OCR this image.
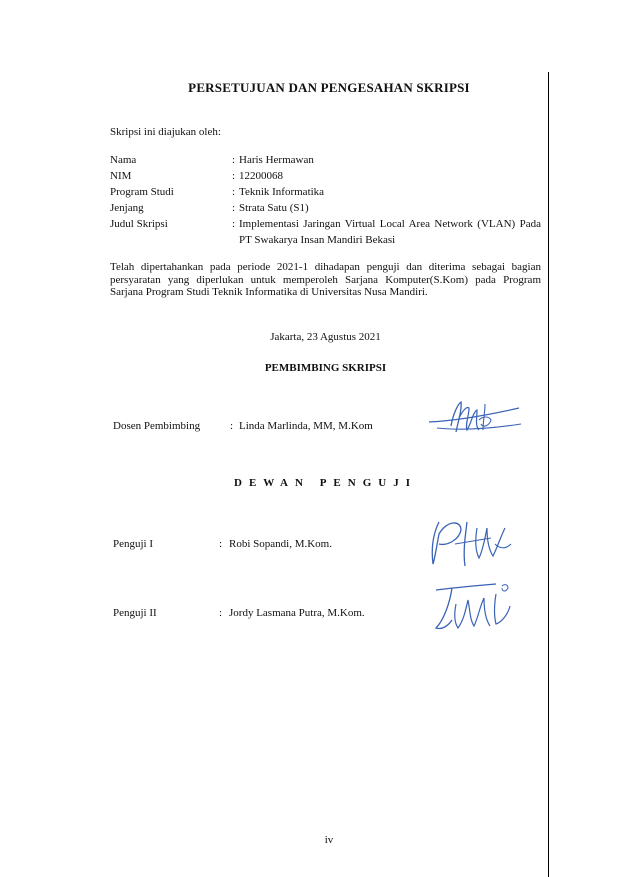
PERSETUJUAN DAN PENGESAHAN SKRIPSI
Skripsi ini diajukan oleh:
Nama	: Haris Hermawan
NIM	: 12200068
Program Studi	: Teknik Informatika
Jenjang	: Strata Satu (S1)
Judul Skripsi	: Implementasi Jaringan Virtual Local Area Network (VLAN) Pada PT Swakarya Insan Mandiri Bekasi
Telah dipertahankan pada periode 2021-1 dihadapan penguji dan diterima sebagai bagian persyaratan yang diperlukan untuk memperoleh Sarjana Komputer(S.Kom) pada Program Sarjana Program Studi Teknik Informatika di Universitas Nusa Mandiri.
Jakarta, 23 Agustus 2021
PEMBIMBING SKRIPSI
Dosen Pembimbing	: Linda Marlinda, MM, M.Kom
DEWAN PENGUJI
Penguji I	: Robi Sopandi, M.Kom.
Penguji II	: Jordy Lasmana Putra, M.Kom.
iv
